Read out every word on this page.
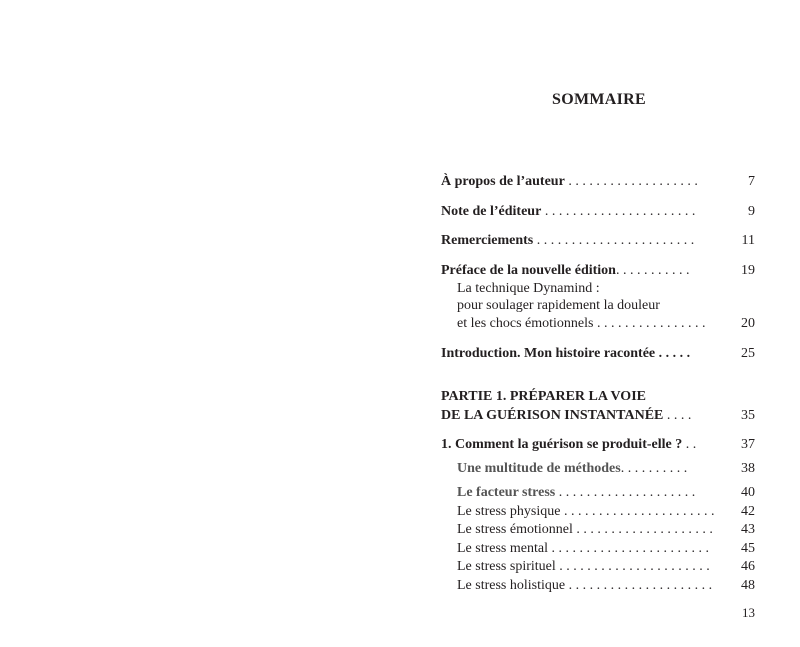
SOMMAIRE
À propos de l’auteur . . . . . . . . . . . . . . . . . . .	7
Note de l’éditeur . . . . . . . . . . . . . . . . . . . . . .	9
Remerciements . . . . . . . . . . . . . . . . . . . . . . .	11
Préface de la nouvelle édition. . . . . . . . . . .	19
La technique Dynamind :
pour soulager rapidement la douleur
et les chocs émotionnels . . . . . . . . . . . . . . . .	20
Introduction. Mon histoire racontée . . . . .	25
PARTIE 1. PRÉPARER LA VOIE
DE LA GUÉRISON INSTANTANÉE . . . .	35
1. Comment la guérison se produit-elle ? . .	37
Une multitude de méthodes. . . . . . . . . .	38
Le facteur stress . . . . . . . . . . . . . . . . . . . .	40
Le stress physique . . . . . . . . . . . . . . . . . . . . . . 42
Le stress émotionnel . . . . . . . . . . . . . . . . . . . . 43
Le stress mental . . . . . . . . . . . . . . . . . . . . . . . 45
Le stress spirituel . . . . . . . . . . . . . . . . . . . . . . 46
Le stress holistique . . . . . . . . . . . . . . . . . . . . . 48
13
